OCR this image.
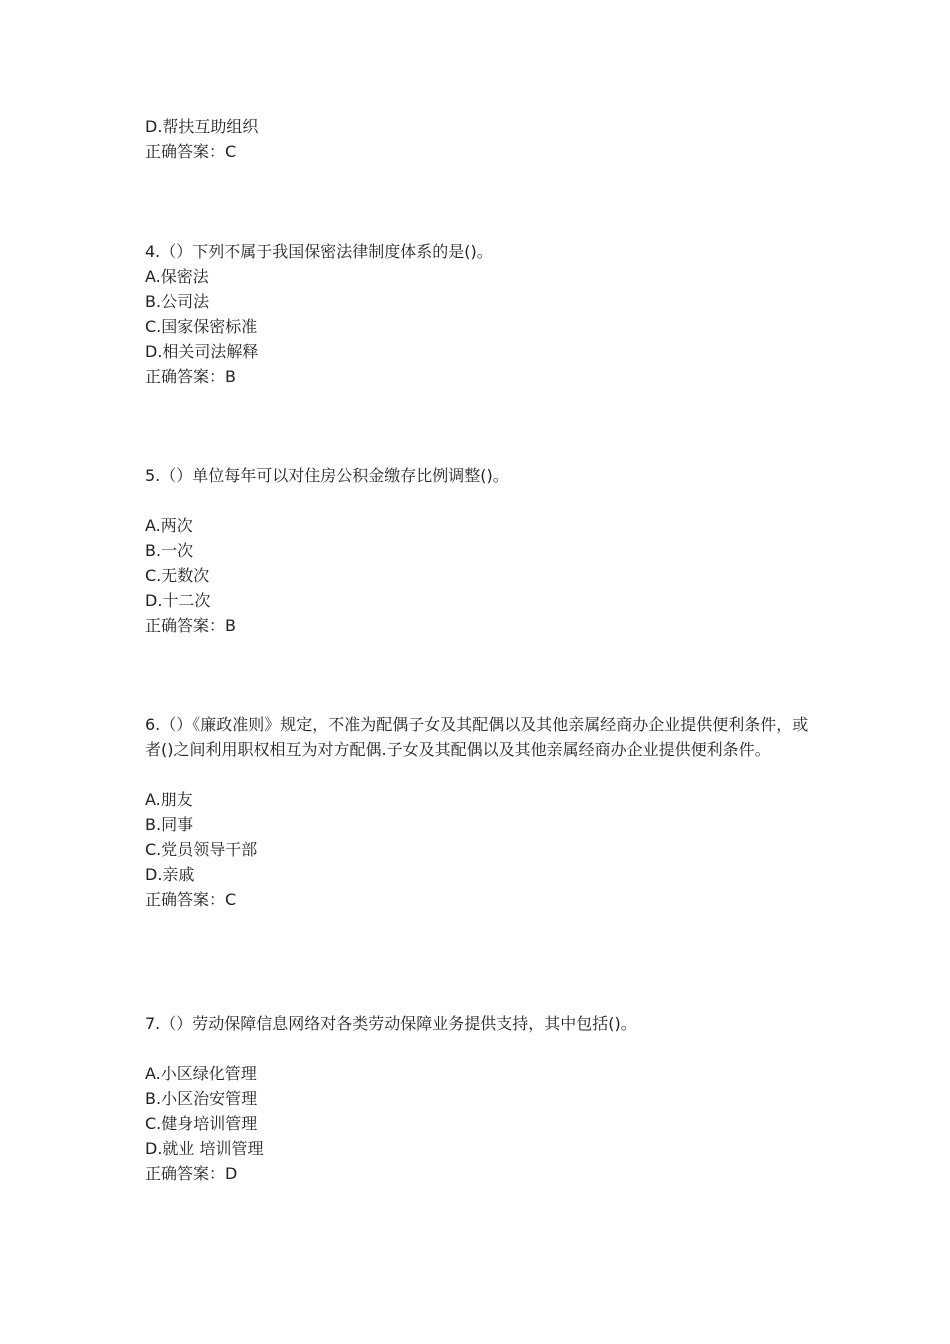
D.帮扶互助组织
正确答案：C
4.（）下列不属于我国保密法律制度体系的是()。
A.保密法
B.公司法
C.国家保密标准
D.相关司法解释
正确答案：B
5.（）单位每年可以对住房公积金缴存比例调整()。
A.两次
B.一次
C.无数次
D.十二次
正确答案：B
6.（）《廉政准则》规定，不准为配偶子女及其配偶以及其他亲属经商办企业提供便利条件，或者()之间利用职权相互为对方配偶.子女及其配偶以及其他亲属经商办企业提供便利条件。
A.朋友
B.同事
C.党员领导干部
D.亲戚
正确答案：C
7.（）劳动保障信息网络对各类劳动保障业务提供支持，其中包括()。
A.小区绿化管理
B.小区治安管理
C.健身培训管理
D.就业 培训管理
正确答案：D
